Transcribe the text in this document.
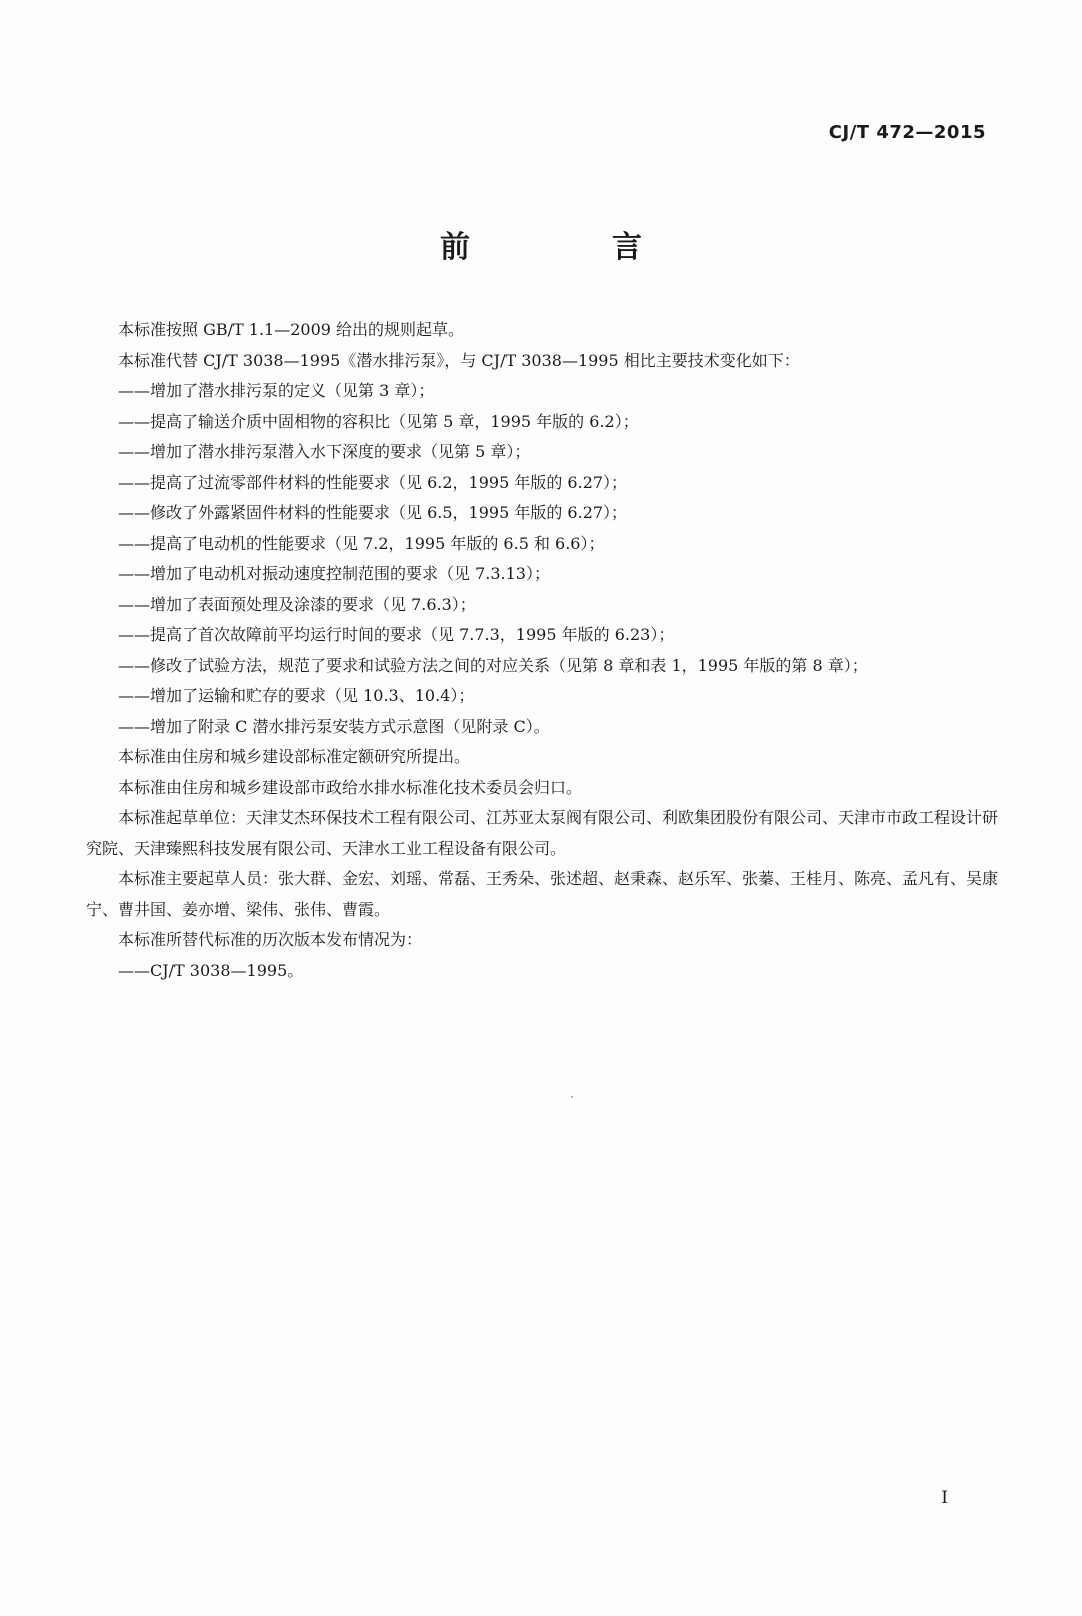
CJ/T 472—2015
前　言

本标准按照 GB/T 1.1—2009 给出的规则起草。

本标准代替 CJ/T 3038—1995《潜水排污泵》，与 CJ/T 3038—1995 相比主要技术变化如下：

——增加了潜水排污泵的定义（见第 3 章）；

——提高了输送介质中固相物的容积比（见第 5 章，1995 年版的 6.2）；

——增加了潜水排污泵潜入水下深度的要求（见第 5 章）；

——提高了过流零部件材料的性能要求（见 6.2，1995 年版的 6.27）；

——修改了外露紧固件材料的性能要求（见 6.5，1995 年版的 6.27）；

——提高了电动机的性能要求（见 7.2，1995 年版的 6.5 和 6.6）；

——增加了电动机对振动速度控制范围的要求（见 7.3.13）；

——增加了表面预处理及涂漆的要求（见 7.6.3）；

——提高了首次故障前平均运行时间的要求（见 7.7.3，1995 年版的 6.23）；

——修改了试验方法，规范了要求和试验方法之间的对应关系（见第 8 章和表 1，1995 年版的第 8 章）；

——增加了运输和贮存的要求（见 10.3、10.4）；

——增加了附录 C 潜水排污泵安装方式示意图（见附录 C）。

本标准由住房和城乡建设部标准定额研究所提出。

本标准由住房和城乡建设部市政给水排水标准化技术委员会归口。

本标准起草单位：天津艾杰环保技术工程有限公司、江苏亚太泵阀有限公司、利欧集团股份有限公司、天津市市政工程设计研究院、天津臻熙科技发展有限公司、天津水工业工程设备有限公司。

本标准主要起草人员：张大群、金宏、刘瑶、常磊、王秀朵、张述超、赵秉森、赵乐军、张蓁、王桂月、陈亮、孟凡有、吴康宁、曹井国、姜亦增、梁伟、张伟、曹霞。

本标准所替代标准的历次版本发布情况为：

——CJ/T 3038—1995。

I
